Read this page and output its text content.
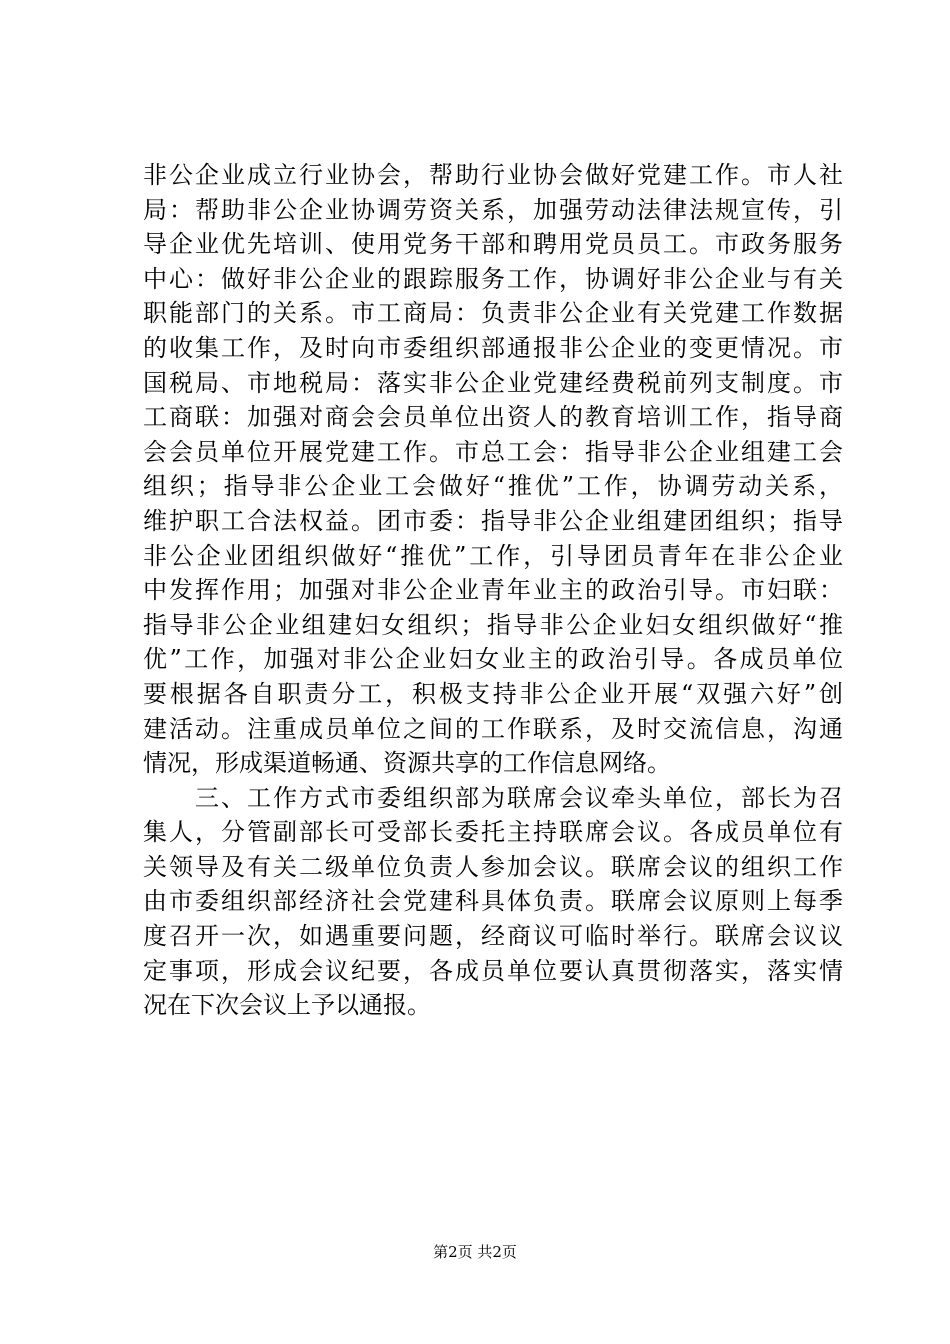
非公企业成立行业协会，帮助行业协会做好党建工作。市人社
局：帮助非公企业协调劳资关系，加强劳动法律法规宣传，引
导企业优先培训、使用党务干部和聘用党员员工。市政务服务
中心：做好非公企业的跟踪服务工作，协调好非公企业与有关
职能部门的关系。市工商局：负责非公企业有关党建工作数据
的收集工作，及时向市委组织部通报非公企业的变更情况。市
国税局、市地税局：落实非公企业党建经费税前列支制度。市
工商联：加强对商会会员单位出资人的教育培训工作，指导商
会会员单位开展党建工作。市总工会：指导非公企业组建工会
组织；指导非公企业工会做好“推优”工作，协调劳动关系，
维护职工合法权益。团市委：指导非公企业组建团组织；指导
非公企业团组织做好“推优”工作，引导团员青年在非公企业
中发挥作用；加强对非公企业青年业主的政治引导。市妇联：
指导非公企业组建妇女组织；指导非公企业妇女组织做好“推
优”工作，加强对非公企业妇女业主的政治引导。各成员单位
要根据各自职责分工，积极支持非公企业开展“双强六好”创
建活动。注重成员单位之间的工作联系，及时交流信息，沟通
情况，形成渠道畅通、资源共享的工作信息网络。
　　三、工作方式市委组织部为联席会议牵头单位，部长为召
集人，分管副部长可受部长委托主持联席会议。各成员单位有
关领导及有关二级单位负责人参加会议。联席会议的组织工作
由市委组织部经济社会党建科具体负责。联席会议原则上每季
度召开一次，如遇重要问题，经商议可临时举行。联席会议议
定事项，形成会议纪要，各成员单位要认真贯彻落实，落实情
况在下次会议上予以通报。
第2页 共2页
